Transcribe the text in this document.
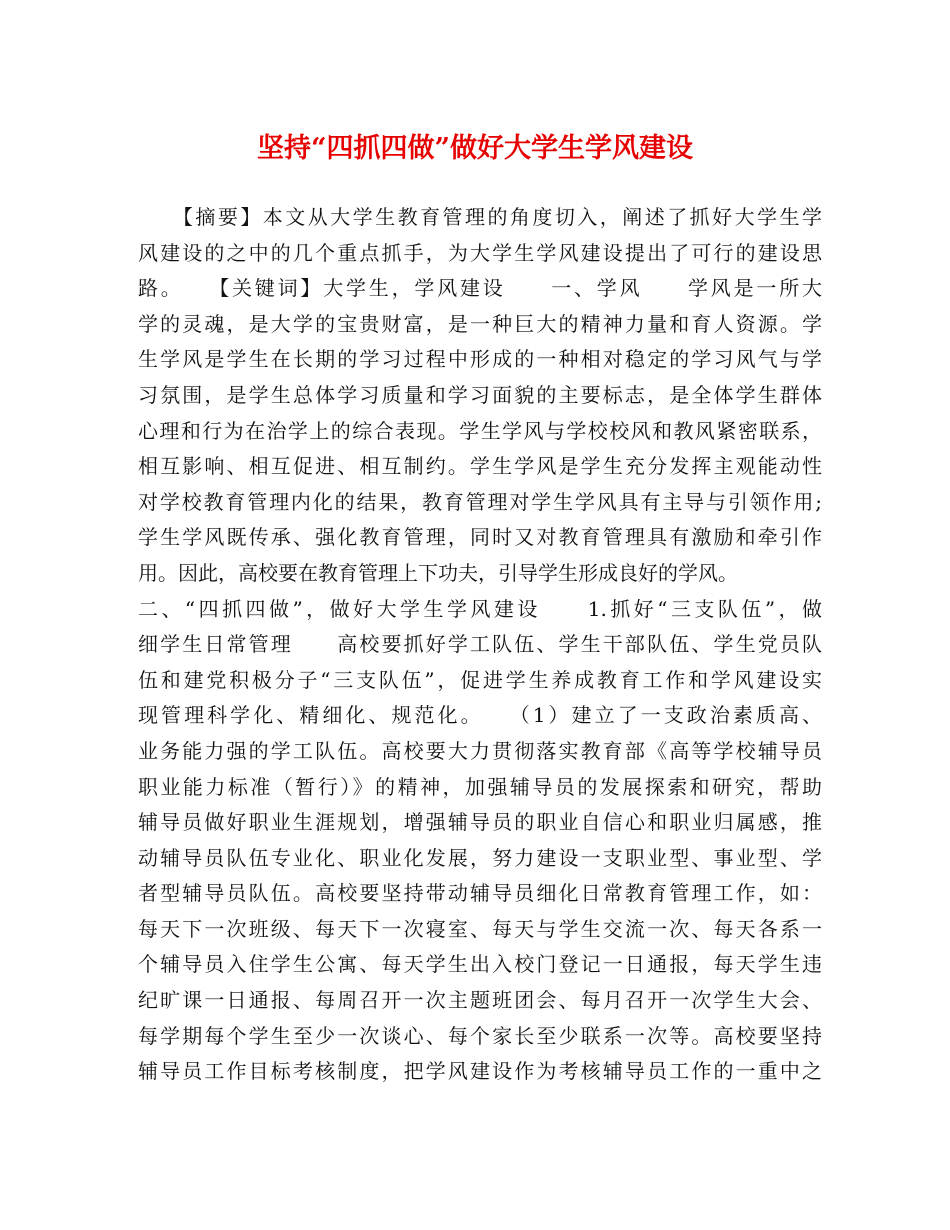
坚持“四抓四做”做好大学生学风建设
　　【摘要】本文从大学生教育管理的角度切入，阐述了抓好大学生学
风建设的之中的几个重点抓手，为大学生学风建设提出了可行的建设思
路。　　【关键词】大学生，学风建设　　一、学风　　学风是一所大
学的灵魂，是大学的宝贵财富，是一种巨大的精神力量和育人资源。学
生学风是学生在长期的学习过程中形成的一种相对稳定的学习风气与学
习氛围，是学生总体学习质量和学习面貌的主要标志，是全体学生群体
心理和行为在治学上的综合表现。学生学风与学校校风和教风紧密联系，
相互影响、相互促进、相互制约。学生学风是学生充分发挥主观能动性
对学校教育管理内化的结果，教育管理对学生学风具有主导与引领作用;
学生学风既传承、强化教育管理，同时又对教育管理具有激励和牵引作
用。因此，高校要在教育管理上下功夫，引导学生形成良好的学风。
二、“四抓四做”，做好大学生学风建设　　1.抓好“三支队伍”，做
细学生日常管理　　高校要抓好学工队伍、学生干部队伍、学生党员队
伍和建党积极分子“三支队伍”，促进学生养成教育工作和学风建设实
现管理科学化、精细化、规范化。　　（1）建立了一支政治素质高、
业务能力强的学工队伍。高校要大力贯彻落实教育部《高等学校辅导员
职业能力标准（暂行）》的精神，加强辅导员的发展探索和研究，帮助
辅导员做好职业生涯规划，增强辅导员的职业自信心和职业归属感，推
动辅导员队伍专业化、职业化发展，努力建设一支职业型、事业型、学
者型辅导员队伍。高校要坚持带动辅导员细化日常教育管理工作，如：
每天下一次班级、每天下一次寝室、每天与学生交流一次、每天各系一
个辅导员入住学生公寓、每天学生出入校门登记一日通报，每天学生违
纪旷课一日通报、每周召开一次主题班团会、每月召开一次学生大会、
每学期每个学生至少一次谈心、每个家长至少联系一次等。高校要坚持
辅导员工作目标考核制度，把学风建设作为考核辅导员工作的一重中之
